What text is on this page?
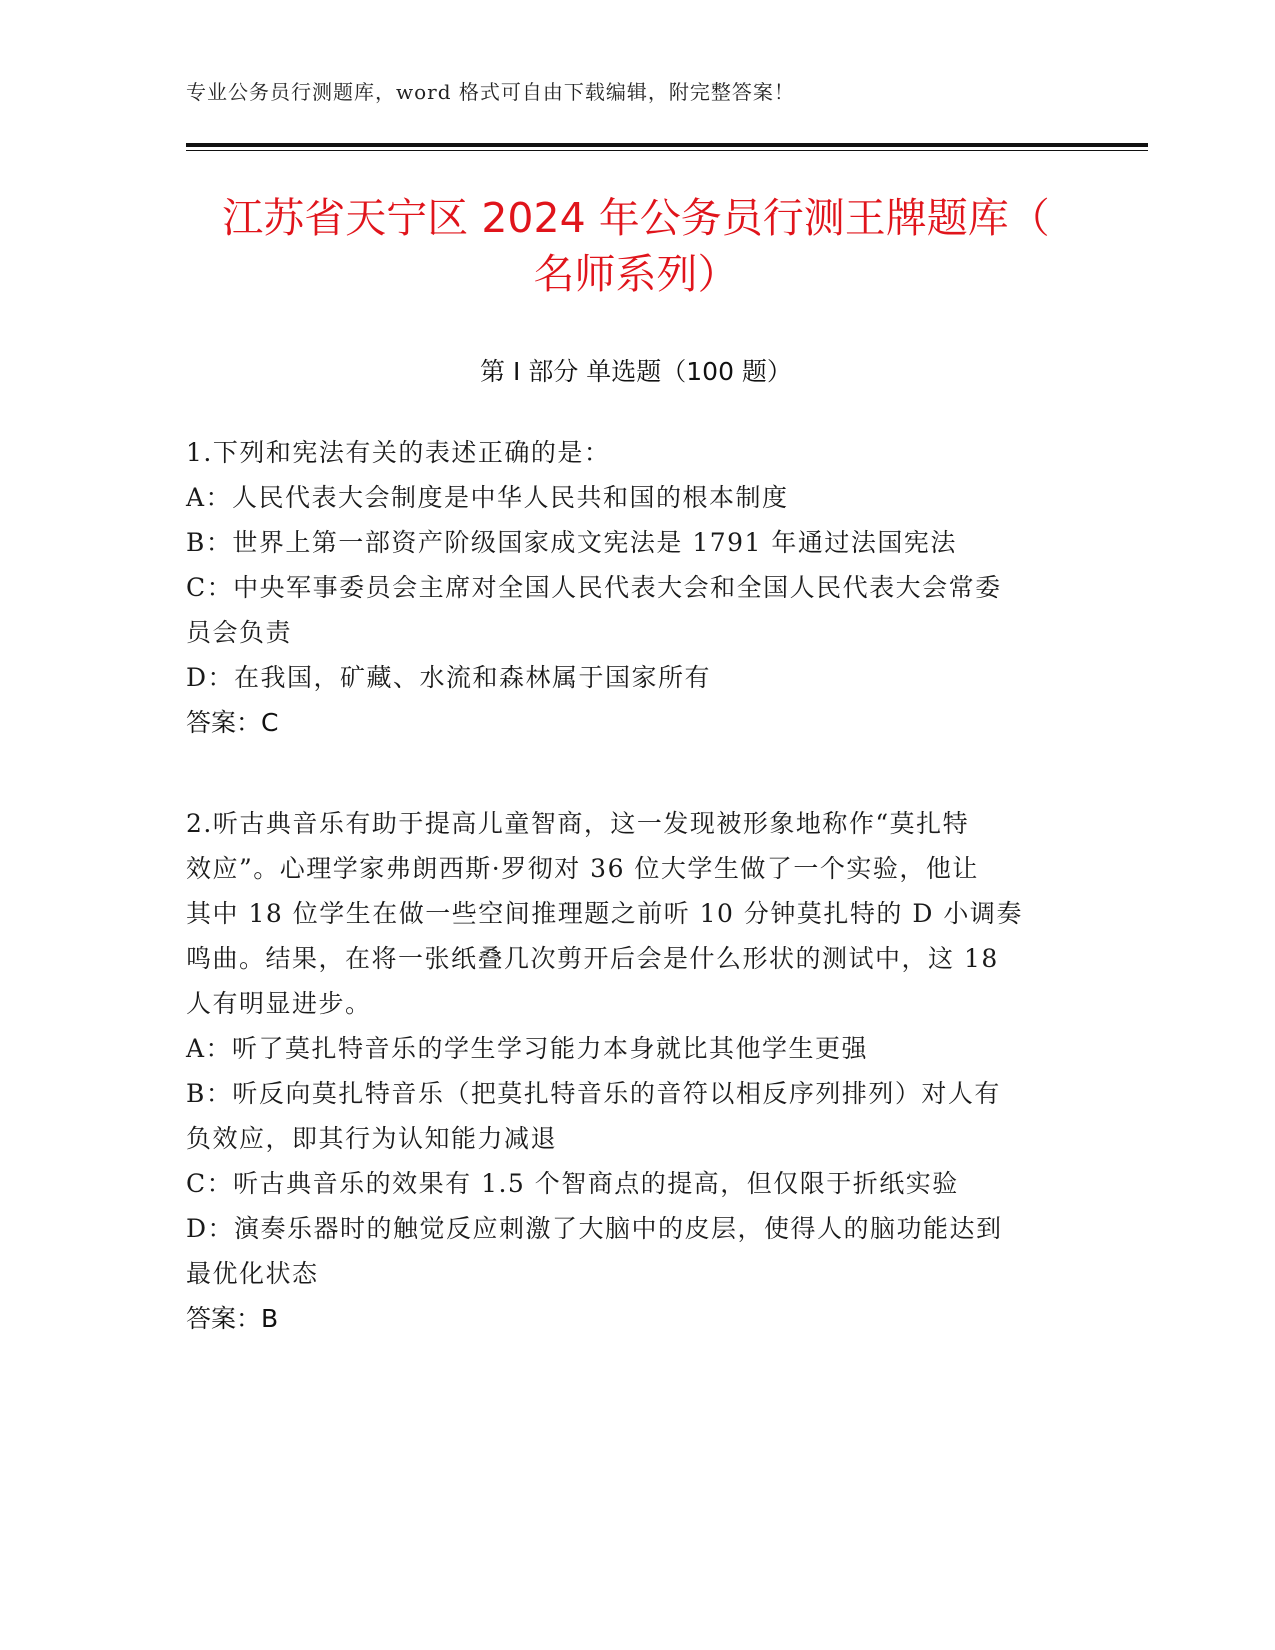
专业公务员行测题库，word 格式可自由下载编辑，附完整答案！
江苏省天宁区 2024 年公务员行测王牌题库（
名师系列）
第 I 部分 单选题（100 题）
1.下列和宪法有关的表述正确的是：
A：人民代表大会制度是中华人民共和国的根本制度
B：世界上第一部资产阶级国家成文宪法是 1791 年通过法国宪法
C：中央军事委员会主席对全国人民代表大会和全国人民代表大会常委
员会负责
D：在我国，矿藏、水流和森林属于国家所有
答案：C
2.听古典音乐有助于提高儿童智商，这一发现被形象地称作“莫扎特
效应”。心理学家弗朗西斯·罗彻对 36 位大学生做了一个实验，他让
其中 18 位学生在做一些空间推理题之前听 10 分钟莫扎特的 D 小调奏
鸣曲。结果，在将一张纸叠几次剪开后会是什么形状的测试中，这 18
人有明显进步。
A：听了莫扎特音乐的学生学习能力本身就比其他学生更强
B：听反向莫扎特音乐（把莫扎特音乐的音符以相反序列排列）对人有
负效应，即其行为认知能力减退
C：听古典音乐的效果有 1.5 个智商点的提高，但仅限于折纸实验
D：演奏乐器时的触觉反应刺激了大脑中的皮层，使得人的脑功能达到
最优化状态
答案：B
